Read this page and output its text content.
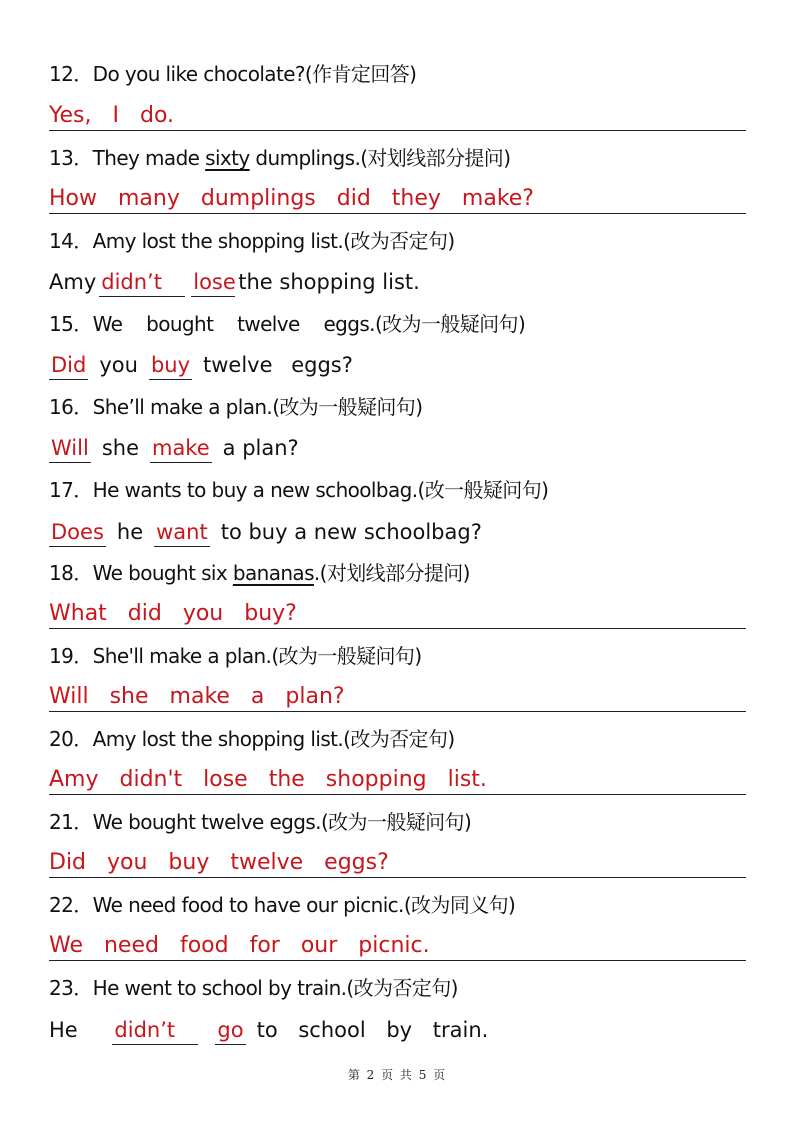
12．Do you like chocolate?(作肯定回答)
Yes, I do.
13．They made sixty dumplings.(对划线部分提问)
How many dumplings did they make?
14．Amy lost the shopping list.(改为否定句)
Amy didn’t lose the shopping list.
15．We bought twelve eggs.(改为一般疑问句)
Did you buy twelve eggs?
16．She’ll make a plan.(改为一般疑问句)
Will she make a plan?
17．He wants to buy a new schoolbag.(改一般疑问句)
Does he want to buy a new schoolbag?
18．We bought six bananas.(对划线部分提问)
What did you buy?
19．She'll make a plan.(改为一般疑问句)
Will she make a plan?
20．Amy lost the shopping list.(改为否定句)
Amy didn't lose the shopping list.
21．We bought twelve eggs.(改为一般疑问句)
Did you buy twelve eggs?
22．We need food to have our picnic.(改为同义句)
We need food for our picnic.
23．He went to school by train.(改为否定句)
He didn’t go to school by train.
第 2 页 共 5 页
